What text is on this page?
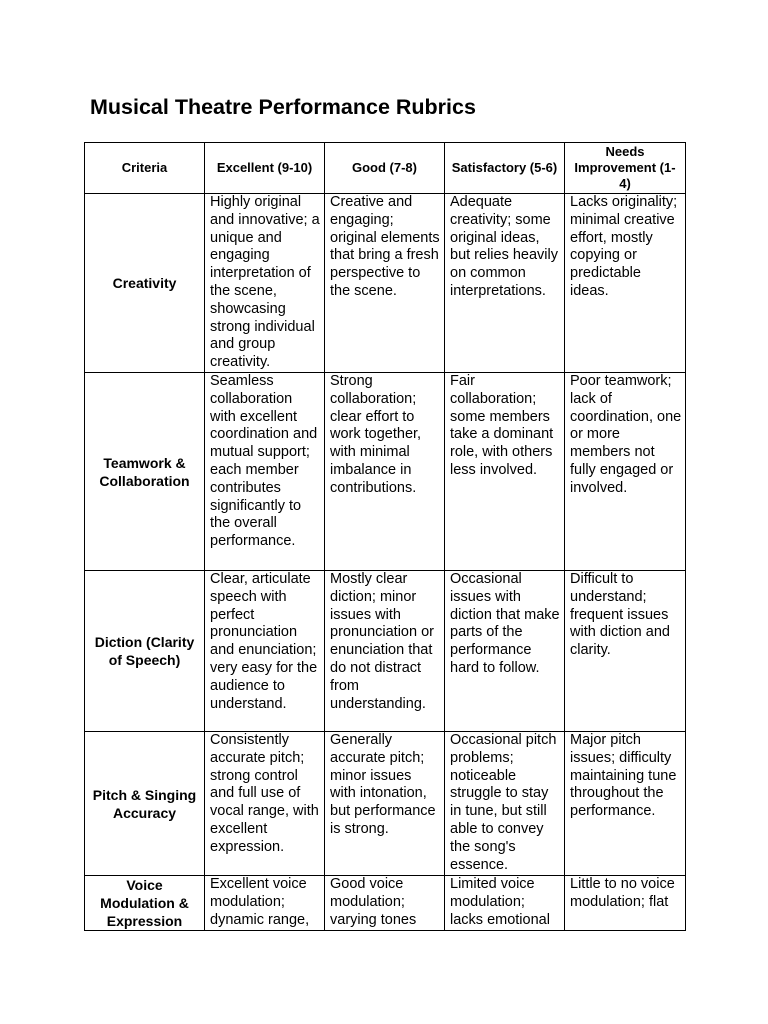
Musical Theatre Performance Rubrics
Criteria	Excellent (9-10)	Good (7-8)	Satisfactory (5-6)	Needs Improvement (1-4)
Creativity	Highly original and innovative; a unique and engaging interpretation of the scene, showcasing strong individual and group creativity.	Creative and engaging; original elements that bring a fresh perspective to the scene.	Adequate creativity; some original ideas, but relies heavily on common interpretations.	Lacks originality; minimal creative effort, mostly copying or predictable ideas.
Teamwork & Collaboration	Seamless collaboration with excellent coordination and mutual support; each member contributes significantly to the overall performance.	Strong collaboration; clear effort to work together, with minimal imbalance in contributions.	Fair collaboration; some members take a dominant role, with others less involved.	Poor teamwork; lack of coordination, one or more members not fully engaged or involved.
Diction (Clarity of Speech)	Clear, articulate speech with perfect pronunciation and enunciation; very easy for the audience to understand.	Mostly clear diction; minor issues with pronunciation or enunciation that do not distract from understanding.	Occasional issues with diction that make parts of the performance hard to follow.	Difficult to understand; frequent issues with diction and clarity.
Pitch & Singing Accuracy	Consistently accurate pitch; strong control and full use of vocal range, with excellent expression.	Generally accurate pitch; minor issues with intonation, but performance is strong.	Occasional pitch problems; noticeable struggle to stay in tune, but still able to convey the song's essence.	Major pitch issues; difficulty maintaining tune throughout the performance.
Voice Modulation & Expression	Excellent voice modulation; dynamic range,	Good voice modulation; varying tones	Limited voice modulation; lacks emotional	Little to no voice modulation; flat
